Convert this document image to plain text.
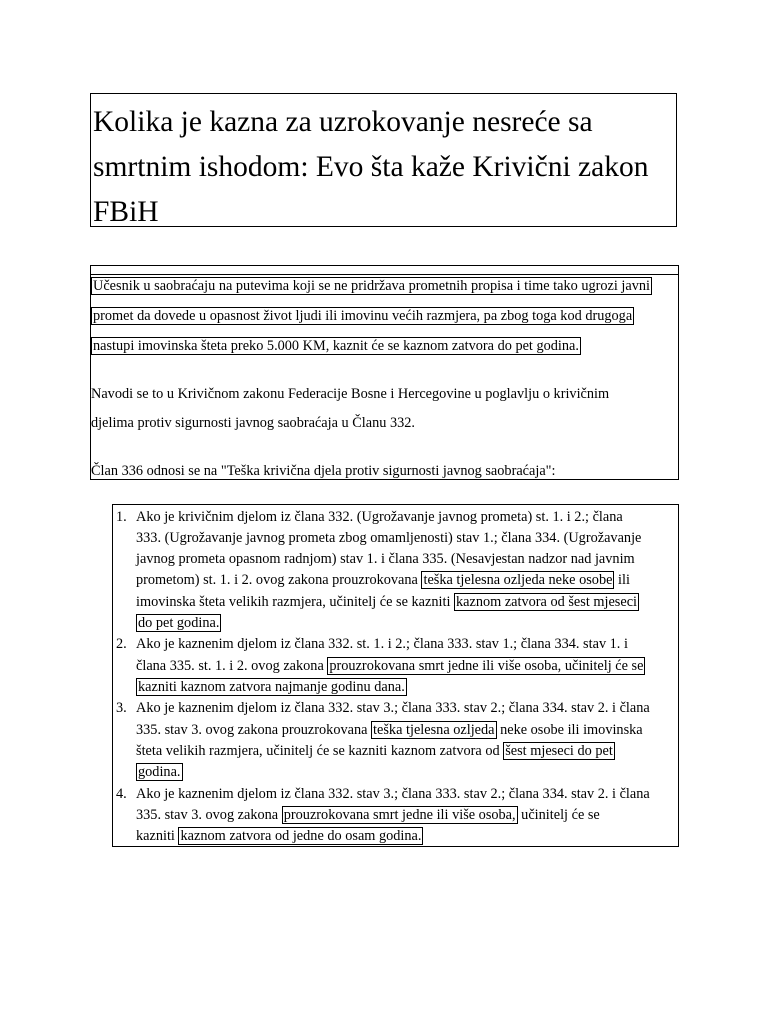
Kolika je kazna za uzrokovanje nesreće sa
smrtnim ishodom: Evo šta kaže Krivični zakon
FBiH
Učesnik u saobraćaju na putevima koji se ne pridržava prometnih propisa i time tako ugrozi javni
promet da dovede u opasnost život ljudi ili imovinu većih razmjera, pa zbog toga kod drugoga
nastupi imovinska šteta preko 5.000 KM, kaznit će se kaznom zatvora do pet godina.
Navodi se to u Krivičnom zakonu Federacije Bosne i Hercegovine u poglavlju o krivičnim
djelima protiv sigurnosti javnog saobraćaja u Članu 332.
Član 336 odnosi se na "Teška krivična djela protiv sigurnosti javnog saobraćaja":
1. Ako je krivičnim djelom iz člana 332. (Ugrožavanje javnog prometa) st. 1. i 2.; člana
333. (Ugrožavanje javnog prometa zbog omamljenosti) stav 1.; člana 334. (Ugrožavanje
javnog prometa opasnom radnjom) stav 1. i člana 335. (Nesavjestan nadzor nad javnim
prometom) st. 1. i 2. ovog zakona prouzrokovana teška tjelesna ozljeda neke osobe ili
imovinska šteta velikih razmjera, učinitelj će se kazniti kaznom zatvora od šest mjeseci
do pet godina.
2. Ako je kaznenim djelom iz člana 332. st. 1. i 2.; člana 333. stav 1.; člana 334. stav 1. i
člana 335. st. 1. i 2. ovog zakona prouzrokovana smrt jedne ili više osoba, učinitelj će se
kazniti kaznom zatvora najmanje godinu dana.
3. Ako je kaznenim djelom iz člana 332. stav 3.; člana 333. stav 2.; člana 334. stav 2. i člana
335. stav 3. ovog zakona prouzrokovana teška tjelesna ozljeda neke osobe ili imovinska
šteta velikih razmjera, učinitelj će se kazniti kaznom zatvora od šest mjeseci do pet
godina.
4. Ako je kaznenim djelom iz člana 332. stav 3.; člana 333. stav 2.; člana 334. stav 2. i člana
335. stav 3. ovog zakona prouzrokovana smrt jedne ili više osoba, učinitelj će se
kazniti kaznom zatvora od jedne do osam godina.
